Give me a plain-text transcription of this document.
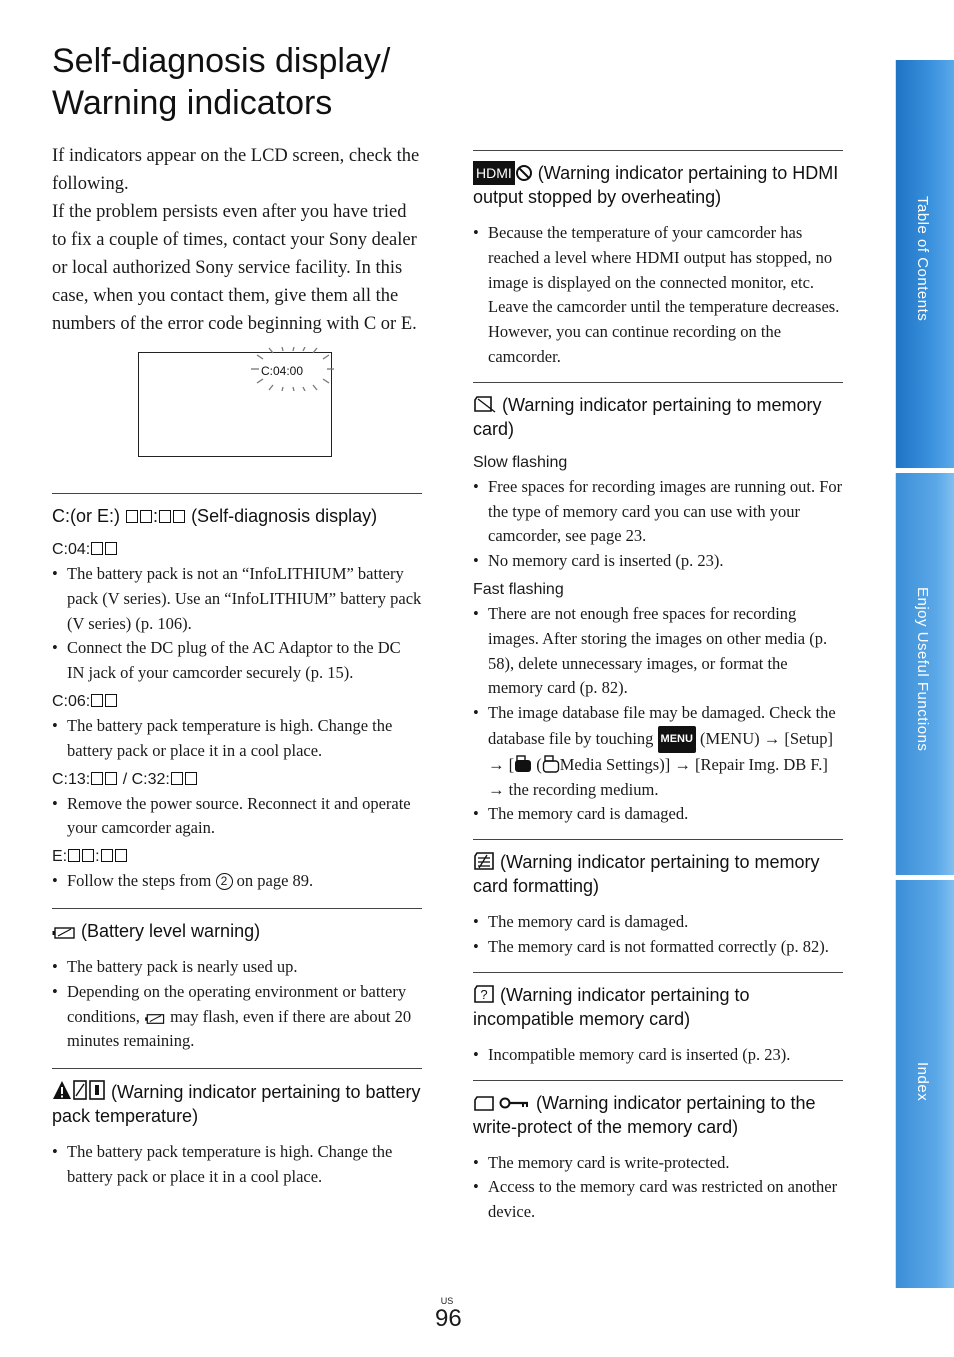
Self-diagnosis display/
Warning indicators

If indicators appear on the LCD screen, check the following.

If the problem persists even after you have tried to fix a couple of times, contact your Sony dealer or local authorized Sony service facility. In this case, when you contact them, give them all the numbers of the error code beginning with C or E.

C:04:00
C:(or E:) : (Self-diagnosis display)
C:04:
• The battery pack is not an “InfoLITHIUM” battery pack (V series). Use an “InfoLITHIUM” battery pack (V series) (p. 106).
• Connect the DC plug of the AC Adaptor to the DC IN jack of your camcorder securely (p. 15).
C:06:
• The battery pack temperature is high. Change the battery pack or place it in a cool place.
C:13: / C:32:
• Remove the power source. Reconnect it and operate your camcorder again.
E: :
• Follow the steps from 2 on page 89.
(Battery level warning)
• The battery pack is nearly used up.
• Depending on the operating environment or battery conditions, may flash, even if there are about 20 minutes remaining.
(Warning indicator pertaining to battery pack temperature)
• The battery pack temperature is high. Change the battery pack or place it in a cool place.
HDMI (Warning indicator pertaining to HDMI output stopped by overheating)
• Because the temperature of your camcorder has reached a level where HDMI output has stopped, no image is displayed on the connected monitor, etc. Leave the camcorder until the temperature decreases. However, you can continue recording on the camcorder.
(Warning indicator pertaining to memory card)
Slow flashing
• Free spaces for recording images are running out. For the type of memory card you can use with your camcorder, see page 23.
• No memory card is inserted (p. 23).
Fast flashing
• There are not enough free spaces for recording images. After storing the images on other media (p. 58), delete unnecessary images, or format the memory card (p. 82).
• The image database file may be damaged. Check the database file by touching MENU (MENU) → [Setup] → [ ( Media Settings)] → [Repair Img. DB F.] → the recording medium.
• The memory card is damaged.
(Warning indicator pertaining to memory card formatting)
• The memory card is damaged.
• The memory card is not formatted correctly (p. 82).
? (Warning indicator pertaining to incompatible memory card)
• Incompatible memory card is inserted (p. 23).
(Warning indicator pertaining to the write-protect of the memory card)
• The memory card is write-protected.
• Access to the memory card was restricted on another device.
Table of Contents
Enjoy Useful Functions
Index
US
96
